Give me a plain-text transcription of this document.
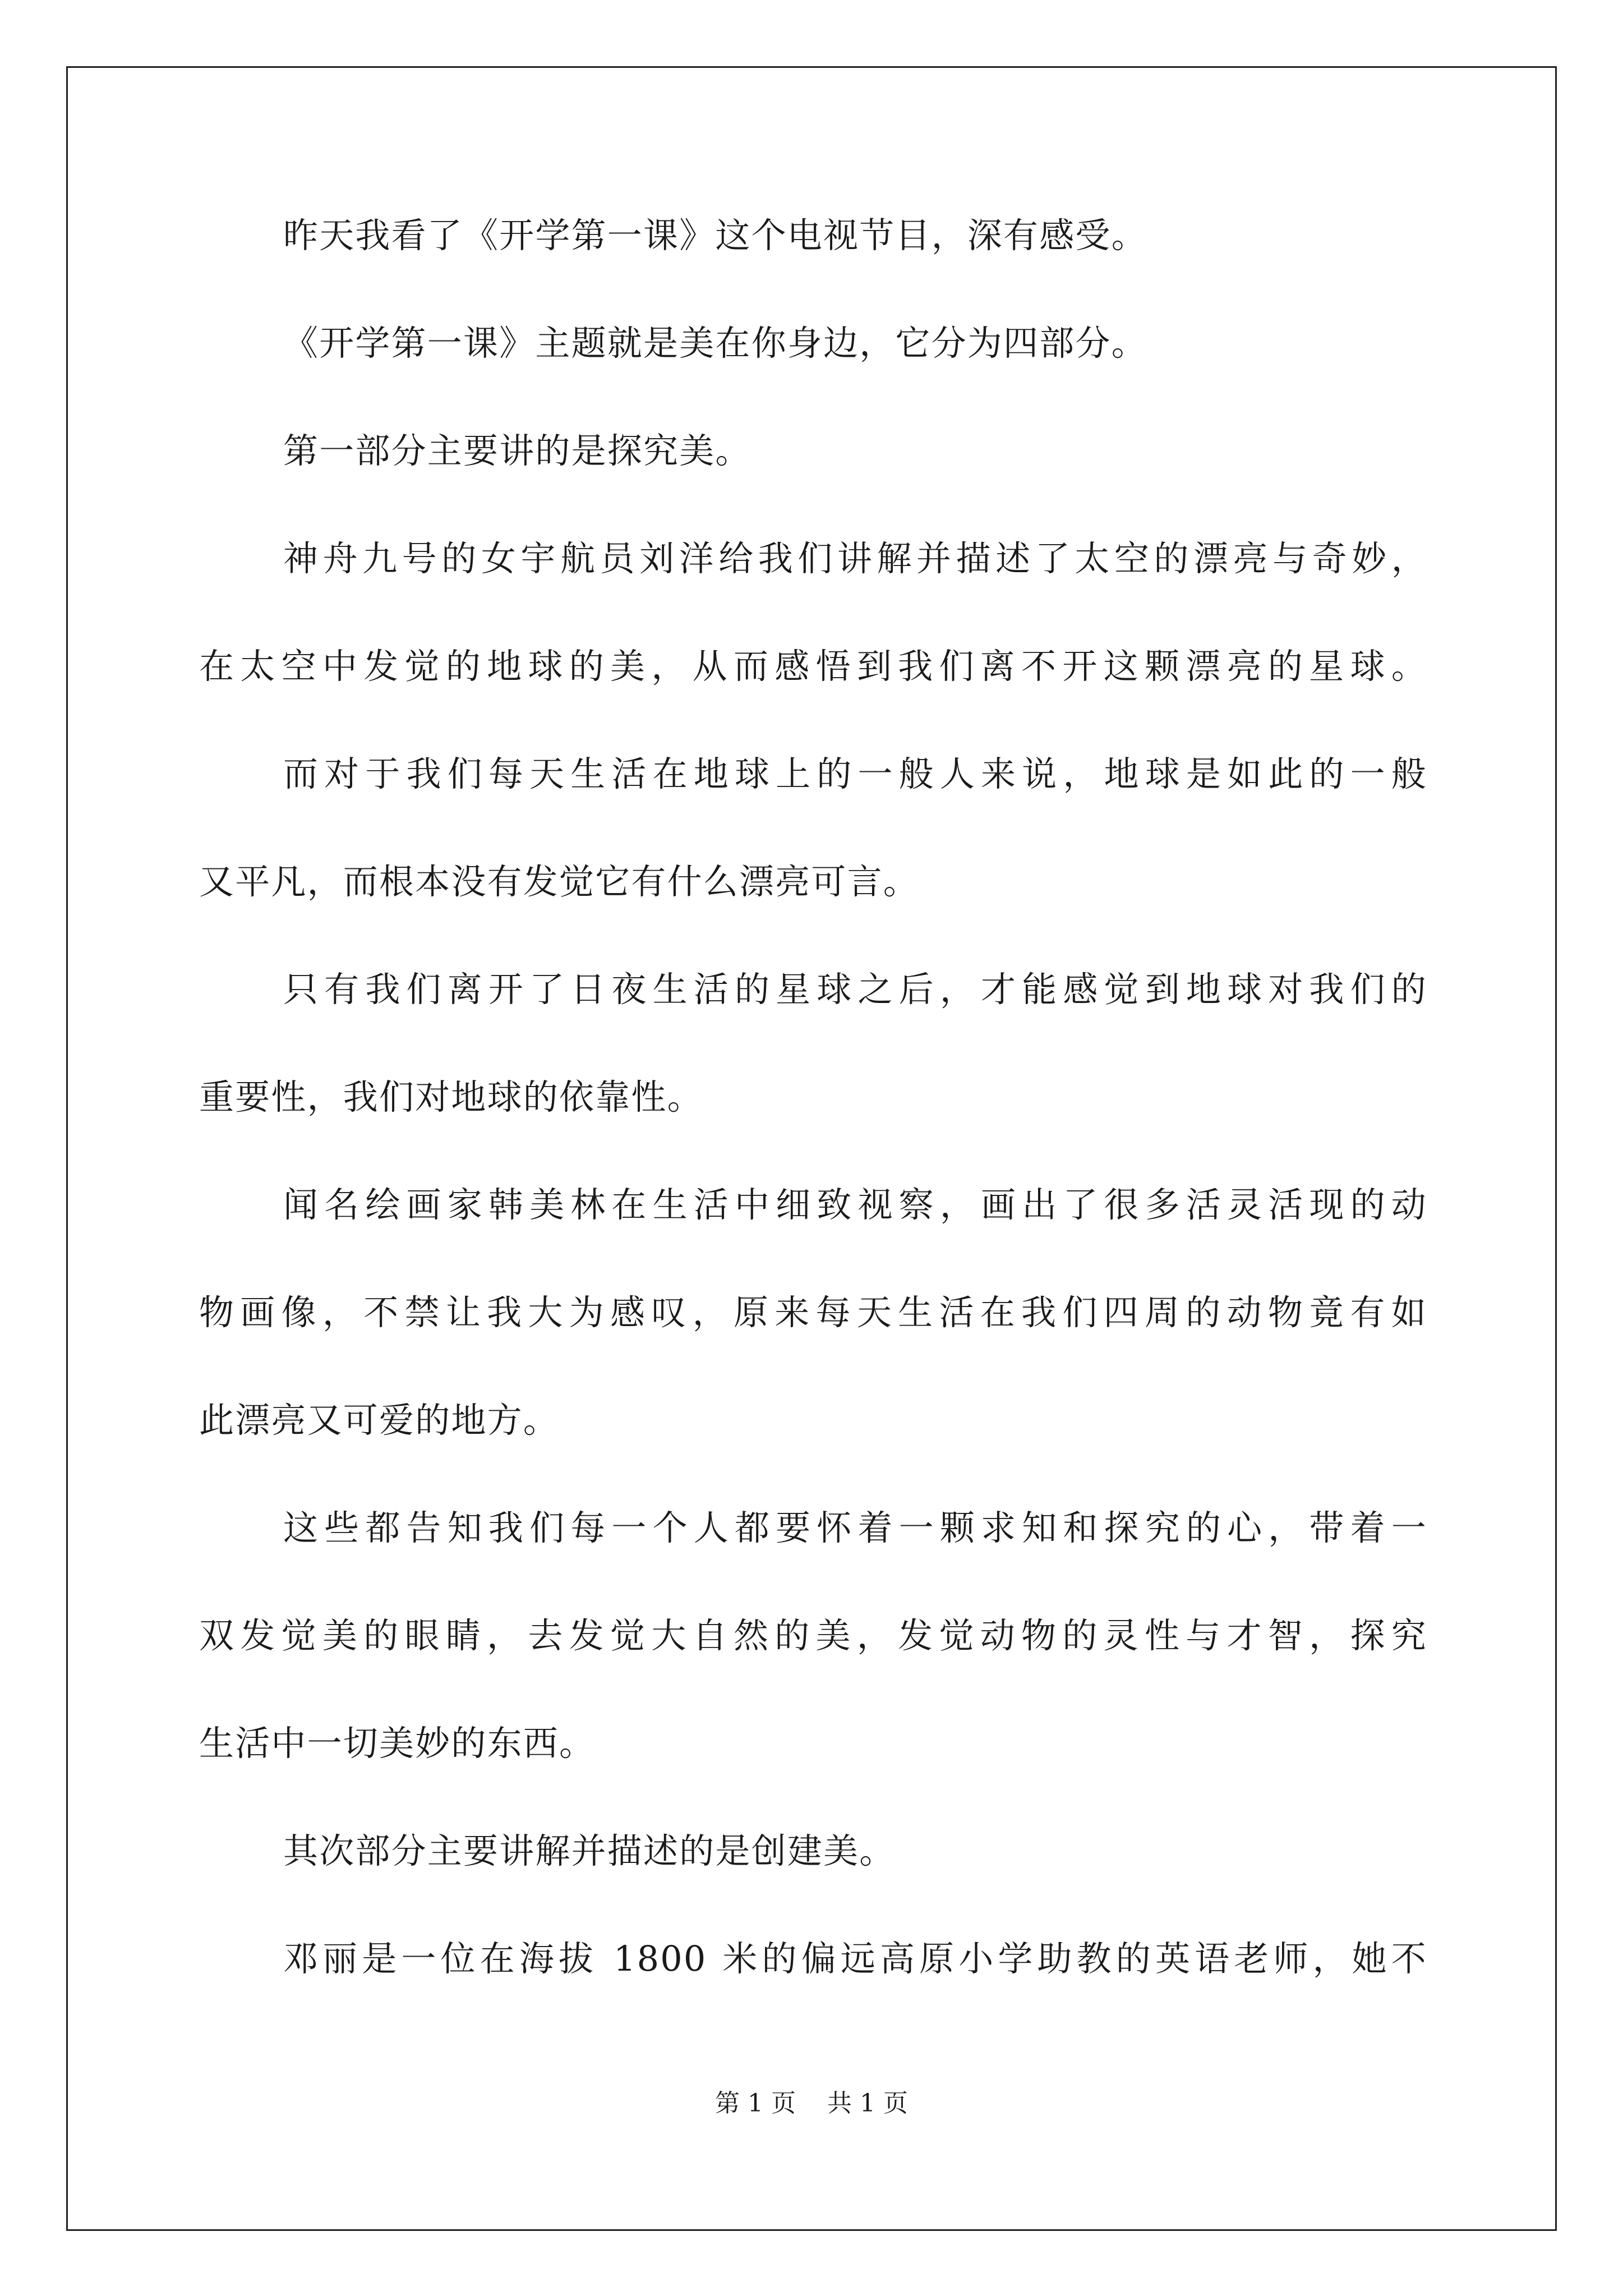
昨天我看了《开学第一课》这个电视节目，深有感受。
《开学第一课》主题就是美在你身边，它分为四部分。
第一部分主要讲的是探究美。
神舟九号的女宇航员刘洋给我们讲解并描述了太空的漂亮与奇妙，
在太空中发觉的地球的美，从而感悟到我们离不开这颗漂亮的星球。
而对于我们每天生活在地球上的一般人来说，地球是如此的一般
又平凡，而根本没有发觉它有什么漂亮可言。
只有我们离开了日夜生活的星球之后，才能感觉到地球对我们的
重要性，我们对地球的依靠性。
闻名绘画家韩美林在生活中细致视察，画出了很多活灵活现的动
物画像，不禁让我大为感叹，原来每天生活在我们四周的动物竟有如
此漂亮又可爱的地方。
这些都告知我们每一个人都要怀着一颗求知和探究的心，带着一
双发觉美的眼睛，去发觉大自然的美，发觉动物的灵性与才智，探究
生活中一切美妙的东西。
其次部分主要讲解并描述的是创建美。
邓丽是一位在海拔 1800 米的偏远高原小学助教的英语老师，她不
第 1 页    共 1 页
